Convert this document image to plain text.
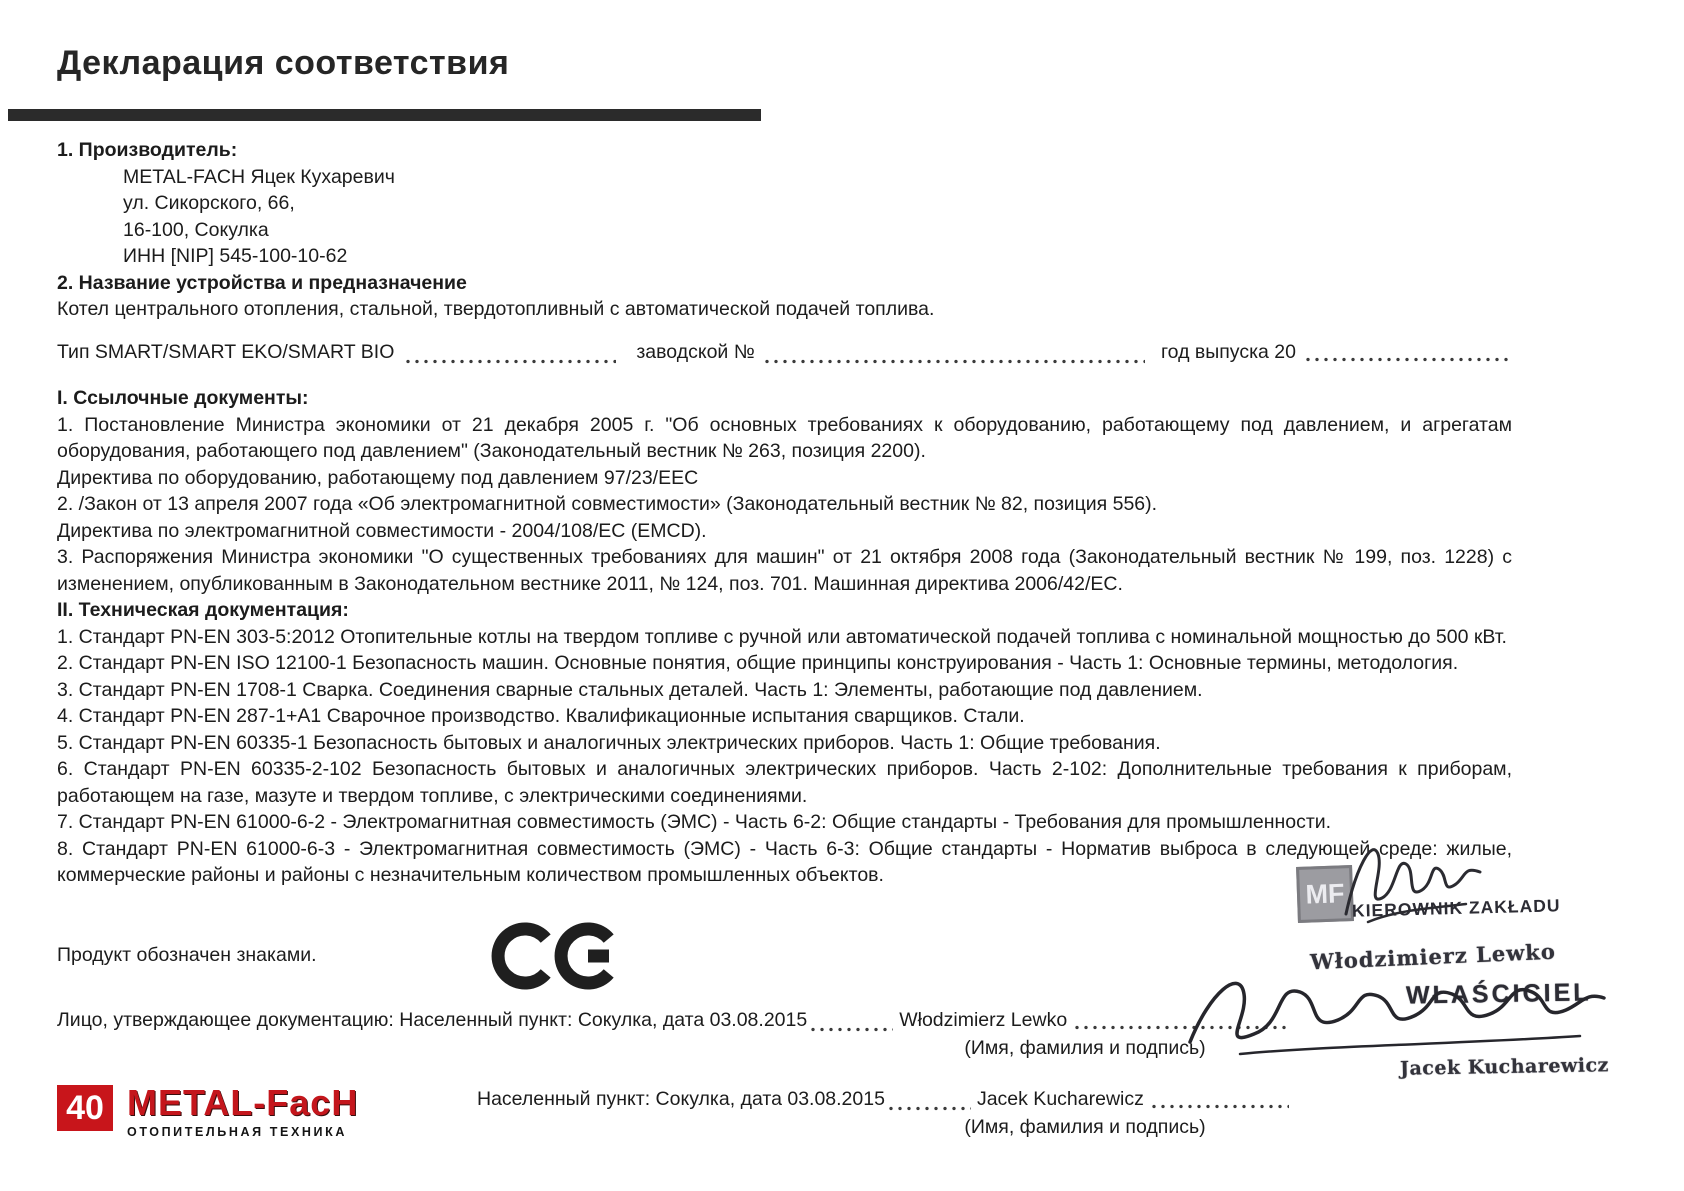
Декларация соответствия

1. Производитель:

METAL-FACH Яцек Кухаревич

ул. Сикорского, 66,

16-100, Сокулка

ИНН [NIP] 545-100-10-62

2. Название устройства и предназначение

Котел центрального отопления, стальной, твердотопливный с автоматической подачей топлива.

Тип SMART/SMART EKO/SMART BIO	заводской №	год выпуска 20

I. Ссылочные документы:

1. Постановление Министра экономики от 21 декабря 2005 г. "Об основных требованиях к оборудованию, работающему под давлением, и агрегатам оборудования, работающего под давлением" (Законодательный вестник № 263, позиция 2200).

Директива по оборудованию, работающему под давлением 97/23/EEC

2. /Закон от 13 апреля 2007 года «Об электромагнитной совместимости» (Законодательный вестник № 82, позиция 556).

Директива по электромагнитной совместимости - 2004/108/EC (EMCD).

3. Распоряжения Министра экономики "О существенных требованиях для машин" от 21 октября 2008 года (Законодательный вестник № 199, поз. 1228) с изменением, опубликованным в Законодательном вестнике 2011, № 124, поз. 701. Машинная директива 2006/42/EC.

II. Техническая документация:

1. Стандарт PN-EN 303-5:2012 Отопительные котлы на твердом топливе с ручной или автоматической подачей топлива с номинальной мощностью до 500 кВт.

2. Стандарт PN-EN ISO 12100-1 Безопасность машин. Основные понятия, общие принципы конструирования - Часть 1: Основные термины, методология.

3. Стандарт PN-EN 1708-1 Сварка. Соединения сварные стальных деталей. Часть 1: Элементы, работающие под давлением.

4. Стандарт PN-EN 287-1+A1 Сварочное производство. Квалификационные испытания сварщиков. Стали.

5. Стандарт PN-EN 60335-1 Безопасность бытовых и аналогичных электрических приборов. Часть 1: Общие требования.

6. Стандарт PN-EN 60335-2-102 Безопасность бытовых и аналогичных электрических приборов. Часть 2-102: Дополнительные требования к приборам, работающем на газе, мазуте и твердом топливе, с электрическими соединениями.

7. Стандарт PN-EN 61000-6-2 - Электромагнитная совместимость (ЭМС) - Часть 6-2: Общие стандарты - Требования для промышленности.

8. Стандарт PN-EN 61000-6-3 - Электромагнитная совместимость (ЭМС) - Часть 6-3: Общие стандарты - Норматив выброса в следующей среде: жилые, коммерческие районы и районы с незначительным количеством промышленных объектов.

Продукт обозначен знаками.
Лицо, утверждающее документацию: Населенный пункт: Сокулка, дата 03.08.2015	Włodzimierz Lewko
(Имя, фамилия и подпись)
Населенный пункт: Сокулка, дата 03.08.2015	Jacek Kucharewicz
(Имя, фамилия и подпись)
MF KIEROWNIK ZAKŁADU
Włodzimierz Lewko
WŁAŚCICIEL
Jacek Kucharewicz
40 METAL-FacH
ОТОПИТЕЛЬНАЯ ТЕХНИКА
